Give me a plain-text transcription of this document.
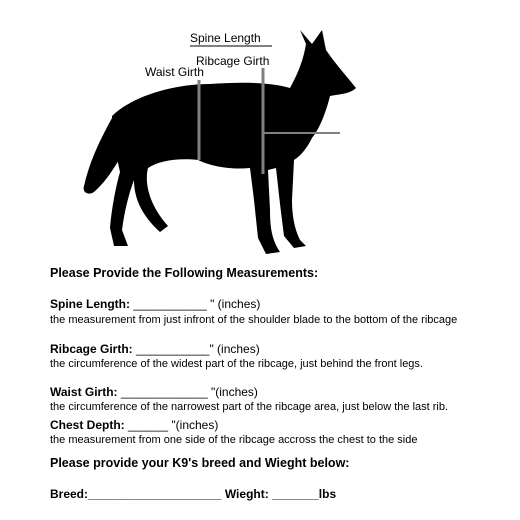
Spine Length
Ribcage Girth
Waist Girth
Chest
Please Provide the Following Measurements:
Spine Length: ___________ " (inches)
the measurement from just infront of the shoulder blade to the bottom of the ribcage
Ribcage Girth: ___________" (inches)
the circumference of the widest part of the ribcage, just behind the front legs.
Waist Girth: _____________ "(inches)
the circumference of the narrowest part of the ribcage area, just below the last rib.
Chest Depth: ______ "(inches)
the measurement from one side of the ribcage accross the chest to the side
Please provide your K9's breed and Wieght below:
Breed:____________________ Wieght: _______lbs
